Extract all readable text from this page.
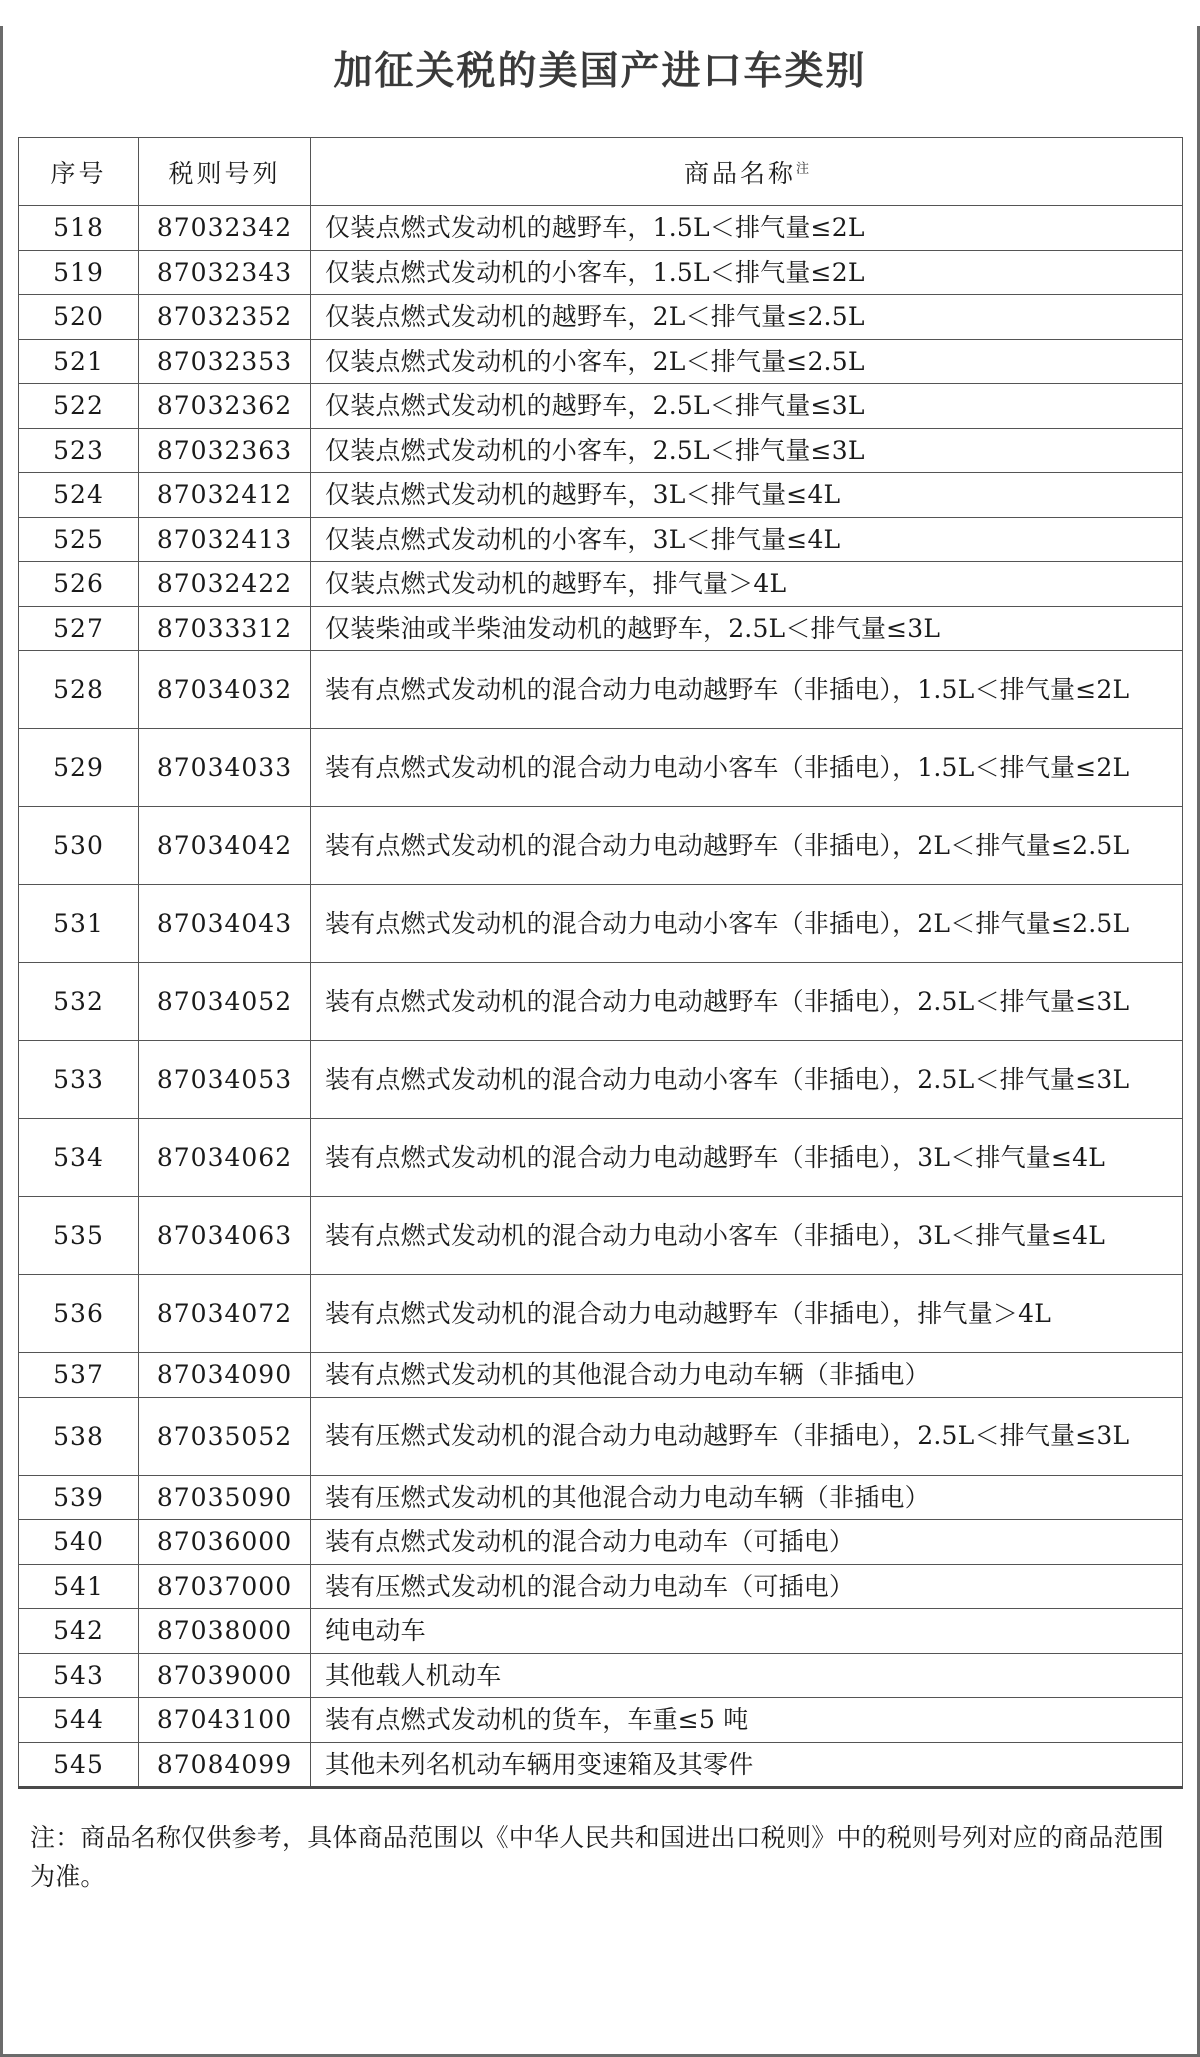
加征关税的美国产进口车类别
序号	税则号列	商品名称$^注$
518	87032342	仅装点燃式发动机的越野车，1.5L＜排气量≤2L
519	87032343	仅装点燃式发动机的小客车，1.5L＜排气量≤2L
520	87032352	仅装点燃式发动机的越野车，2L＜排气量≤2.5L
521	87032353	仅装点燃式发动机的小客车，2L＜排气量≤2.5L
522	87032362	仅装点燃式发动机的越野车，2.5L＜排气量≤3L
523	87032363	仅装点燃式发动机的小客车，2.5L＜排气量≤3L
524	87032412	仅装点燃式发动机的越野车，3L＜排气量≤4L
525	87032413	仅装点燃式发动机的小客车，3L＜排气量≤4L
526	87032422	仅装点燃式发动机的越野车，排气量＞4L
527	87033312	仅装柴油或半柴油发动机的越野车，2.5L＜排气量≤3L
528	87034032	装有点燃式发动机的混合动力电动越野车（非插电），1.5L＜排气量≤2L
529	87034033	装有点燃式发动机的混合动力电动小客车（非插电），1.5L＜排气量≤2L
530	87034042	装有点燃式发动机的混合动力电动越野车（非插电），2L＜排气量≤2.5L
531	87034043	装有点燃式发动机的混合动力电动小客车（非插电），2L＜排气量≤2.5L
532	87034052	装有点燃式发动机的混合动力电动越野车（非插电），2.5L＜排气量≤3L
533	87034053	装有点燃式发动机的混合动力电动小客车（非插电），2.5L＜排气量≤3L
534	87034062	装有点燃式发动机的混合动力电动越野车（非插电），3L＜排气量≤4L
535	87034063	装有点燃式发动机的混合动力电动小客车（非插电），3L＜排气量≤4L
536	87034072	装有点燃式发动机的混合动力电动越野车（非插电），排气量＞4L
537	87034090	装有点燃式发动机的其他混合动力电动车辆（非插电）
538	87035052	装有压燃式发动机的混合动力电动越野车（非插电），2.5L＜排气量≤3L
539	87035090	装有压燃式发动机的其他混合动力电动车辆（非插电）
540	87036000	装有点燃式发动机的混合动力电动车（可插电）
541	87037000	装有压燃式发动机的混合动力电动车（可插电）
542	87038000	纯电动车
543	87039000	其他载人机动车
544	87043100	装有点燃式发动机的货车，车重≤5 吨
545	87084099	其他未列名机动车辆用变速箱及其零件

注：商品名称仅供参考，具体商品范围以《中华人民共和国进出口税则》中的税则号列对应的商品范围为准。
